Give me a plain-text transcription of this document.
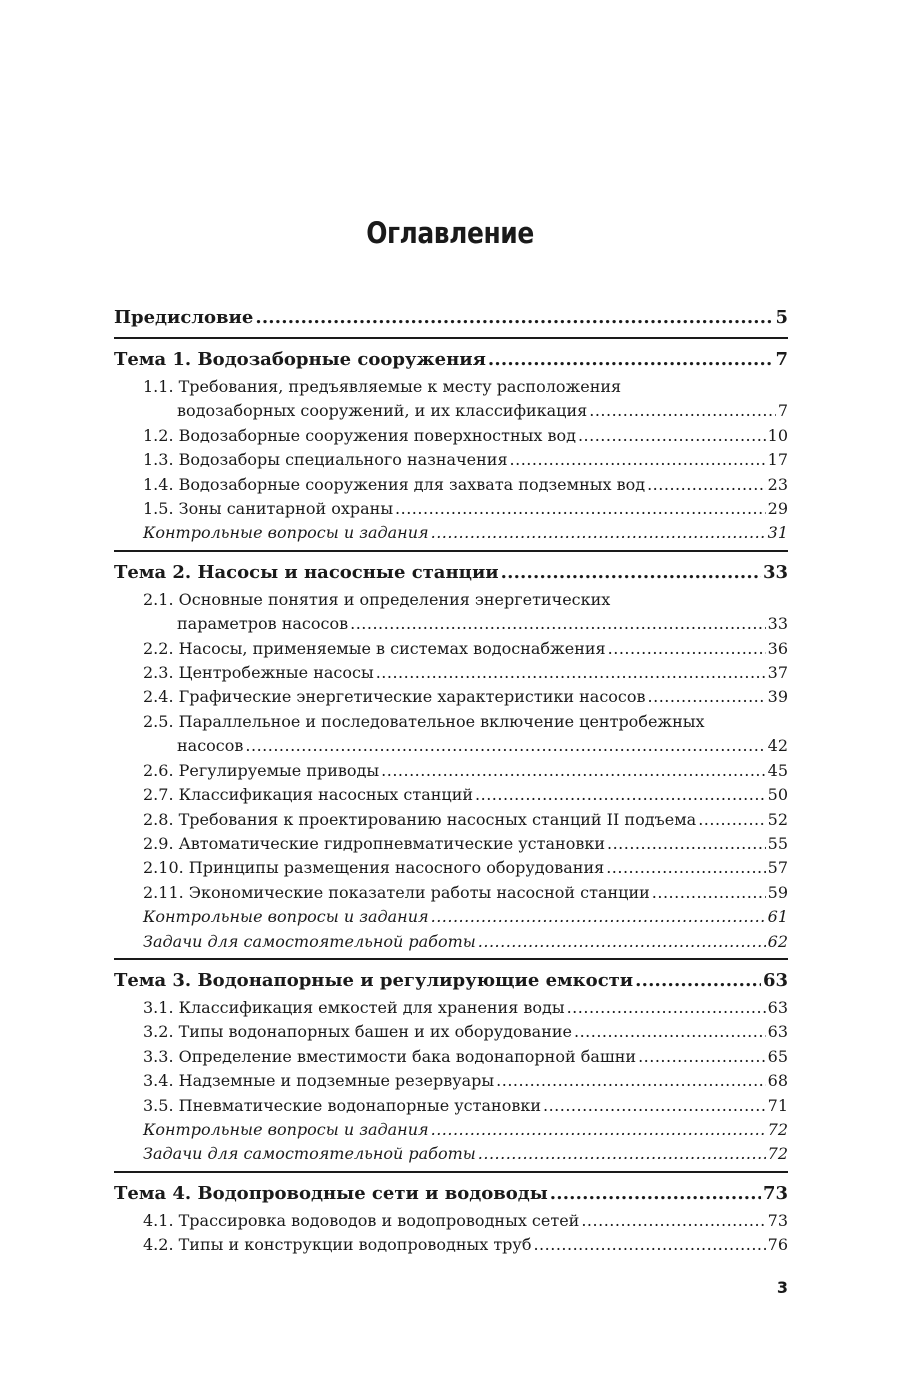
Оглавление
Предисловие .....	5
Тема 1. Водозаборные сооружения .....	7
1.1. Требования, предъявляемые к месту расположения
водозаборных сооружений, и их классификация .....	7
1.2. Водозаборные сооружения поверхностных вод .....	10
1.3. Водозаборы специального назначения .....	17
1.4. Водозаборные сооружения для захвата подземных вод .....	23
1.5. Зоны санитарной охраны .....	29
Контрольные вопросы и задания .....	31
Тема 2. Насосы и насосные станции .....	33
2.1. Основные понятия и определения энергетических
параметров насосов .....	33
2.2. Насосы, применяемые в системах водоснабжения .....	36
2.3. Центробежные насосы .....	37
2.4. Графические энергетические характеристики насосов .....	39
2.5. Параллельное и последовательное включение центробежных
насосов .....	42
2.6. Регулируемые приводы .....	45
2.7. Классификация насосных станций .....	50
2.8. Требования к проектированию насосных станций II подъема .....	52
2.9. Автоматические гидропневматические установки .....	55
2.10. Принципы размещения насосного оборудования .....	57
2.11. Экономические показатели работы насосной станции .....	59
Контрольные вопросы и задания .....	61
Задачи для самостоятельной работы .....	62
Тема 3. Водонапорные и регулирующие емкости .....	63
3.1. Классификация емкостей для хранения воды .....	63
3.2. Типы водонапорных башен и их оборудование .....	63
3.3. Определение вместимости бака водонапорной башни .....	65
3.4. Надземные и подземные резервуары .....	68
3.5. Пневматические водонапорные установки .....	71
Контрольные вопросы и задания .....	72
Задачи для самостоятельной работы .....	72
Тема 4. Водопроводные сети и водоводы .....	73
4.1. Трассировка водоводов и водопроводных сетей .....	73
4.2. Типы и конструкции водопроводных труб .....	76
3
